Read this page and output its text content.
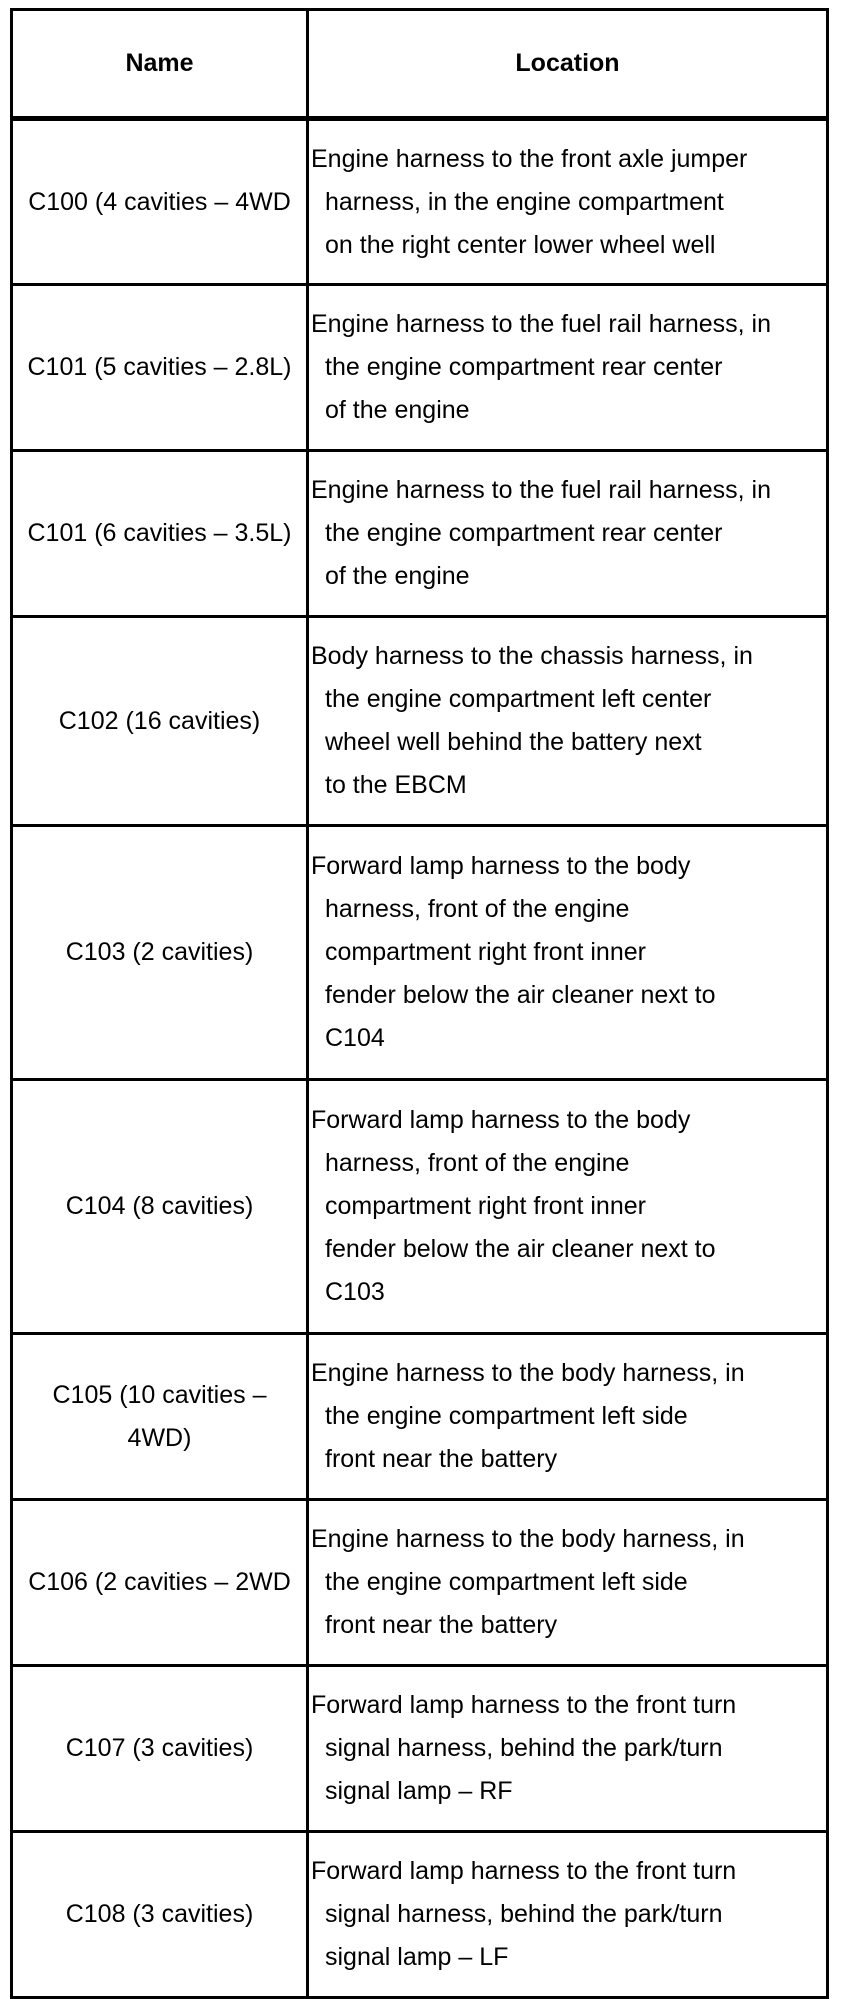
Name	Location

C100 (4 cavities – 4WD	Engine harness to the front axle jumper
harness, in the engine compartment
on the right center lower wheel well

C101 (5 cavities – 2.8L)	Engine harness to the fuel rail harness, in
the engine compartment rear center
of the engine

C101 (6 cavities – 3.5L)	Engine harness to the fuel rail harness, in
the engine compartment rear center
of the engine

C102 (16 cavities)	Body harness to the chassis harness, in
the engine compartment left center
wheel well behind the battery next
to the EBCM

C103 (2 cavities)	Forward lamp harness to the body
harness, front of the engine
compartment right front inner
fender below the air cleaner next to
C104

C104 (8 cavities)	Forward lamp harness to the body
harness, front of the engine
compartment right front inner
fender below the air cleaner next to
C103

C105 (10 cavities –
4WD)	Engine harness to the body harness, in
the engine compartment left side
front near the battery

C106 (2 cavities – 2WD	Engine harness to the body harness, in
the engine compartment left side
front near the battery

C107 (3 cavities)	Forward lamp harness to the front turn
signal harness, behind the park/turn
signal lamp – RF

C108 (3 cavities)	Forward lamp harness to the front turn
signal harness, behind the park/turn
signal lamp – LF
